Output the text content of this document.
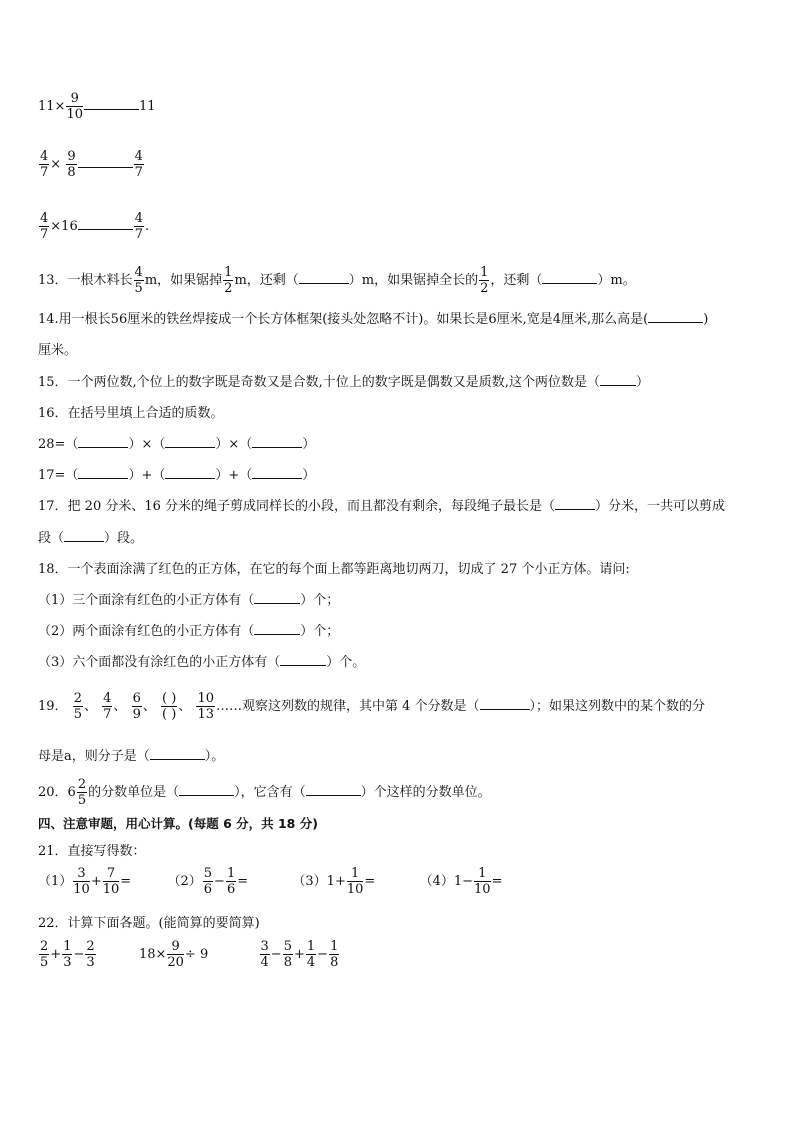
$11\times \frac{9}{10}$	11
$\frac{4}{7} \times \frac{9}{8}$	$\frac{4}{7}$
$\frac{4}{7} \times 16$	$\frac{4}{7}$ .
13．一根木料长 $\frac{4}{5}$ m，如果锯掉 $\frac{1}{2}$ m，还剩（	）m，如果锯掉全长的 $\frac{1}{2}$ ，还剩（	）m。
14.用一根长56厘米的铁丝焊接成一个长方体框架(接头处忽略不计)。如果长是6厘米,宽是4厘米,那么高是(	)
厘米。
15．一个两位数,个位上的数字既是奇数又是合数,十位上的数字既是偶数又是质数,这个两位数是（	）
16．在括号里填上合适的质数。
28=（	）×（	）×（	）
17=（	）+（	）+（	）
17．把 20 分米、16 分米的绳子剪成同样长的小段，而且都没有剩余，每段绳子最长是（	）分米，一共可以剪成
段（	）段。
18．一个表面涂满了红色的正方体，在它的每个面上都等距离地切两刀，切成了 27 个小正方体。请问:
（1）三个面涂有红色的小正方体有（	）个；
（2）两个面涂有红色的小正方体有（	）个；
（3）六个面都没有涂红色的小正方体有（	）个。
19． $\frac{2}{5}$ 、 $\frac{4}{7}$ 、 $\frac{6}{9}$ 、 $\frac{( )}{( )}$ 、 $\frac{10}{13}$ ……观察这列数的规律，其中第 4 个分数是（	）；如果这列数中的某个数的分
母是a，则分子是（	）。
20．$6 \frac{2}{5}$ 的分数单位是（	），它含有（	）个这样的分数单位。
四、注意审题，用心计算。(每题 6 分，共 18 分)
21．直接写得数：
$(1) \frac{3}{10} + \frac{7}{10}$ =	$(2) \frac{5}{6} - \frac{1}{6}$ =	$(3)1+ \frac{1}{10}$ =	$(4)1- \frac{1}{10}$ =
22．计算下面各题。(能简算的要简算)
$\frac{2}{5} + \frac{1}{3} - \frac{2}{3}$	$18\times \frac{9}{20} \div 9$	$\frac{3}{4} - \frac{5}{8} + \frac{1}{4} - \frac{1}{8}$
